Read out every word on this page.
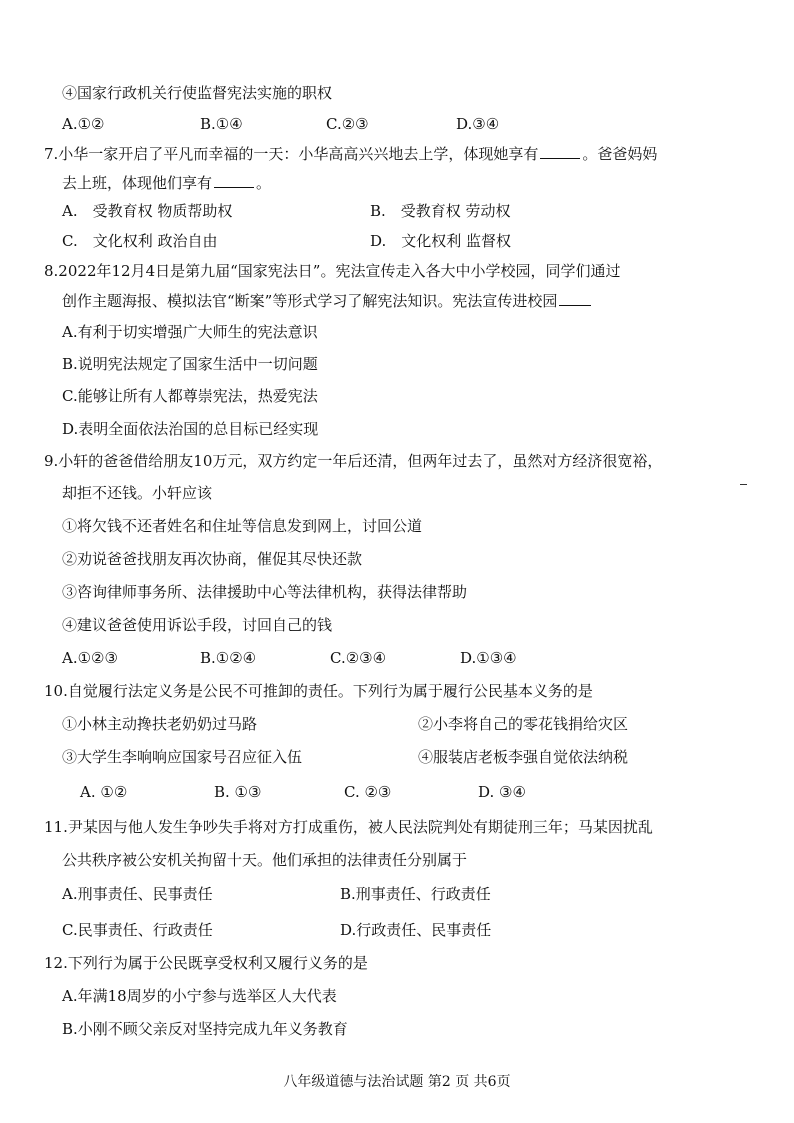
④国家行政机关行使监督宪法实施的职权
A.①②	B.①④	C.②③	D.③④
7.小华一家开启了平凡而幸福的一天：小华高高兴兴地去上学，体现她享有	。爸爸妈妈
去上班，体现他们享有	。
A.　受教育权 物质帮助权	B.　受教育权 劳动权
C.　文化权利 政治自由	D.　文化权利 监督权
8.2022年12月4日是第九届“国家宪法日”。宪法宣传走入各大中小学校园，同学们通过
创作主题海报、模拟法官“断案”等形式学习了解宪法知识。宪法宣传进校园
A.有利于切实增强广大师生的宪法意识
B.说明宪法规定了国家生活中一切问题
C.能够让所有人都尊崇宪法，热爱宪法
D.表明全面依法治国的总目标已经实现
9.小轩的爸爸借给朋友10万元，双方约定一年后还清，但两年过去了，虽然对方经济很宽裕，
却拒不还钱。小轩应该
①将欠钱不还者姓名和住址等信息发到网上，讨回公道
②劝说爸爸找朋友再次协商，催促其尽快还款
③咨询律师事务所、法律援助中心等法律机构，获得法律帮助
④建议爸爸使用诉讼手段，讨回自己的钱
A.①②③	B.①②④	C.②③④	D.①③④
10.自觉履行法定义务是公民不可推卸的责任。下列行为属于履行公民基本义务的是
①小林主动搀扶老奶奶过马路	②小李将自己的零花钱捐给灾区
③大学生李响响应国家号召应征入伍	④服装店老板李强自觉依法纳税
A. ①②	B. ①③	C. ②③	D. ③④
11.尹某因与他人发生争吵失手将对方打成重伤，被人民法院判处有期徒刑三年；马某因扰乱
公共秩序被公安机关拘留十天。他们承担的法律责任分别属于
A.刑事责任、民事责任	B.刑事责任、行政责任
C.民事责任、行政责任	D.行政责任、民事责任
12.下列行为属于公民既享受权利又履行义务的是
A.年满18周岁的小宁参与选举区人大代表
B.小刚不顾父亲反对坚持完成九年义务教育
八年级道德与法治试题 第2 页 共6页
